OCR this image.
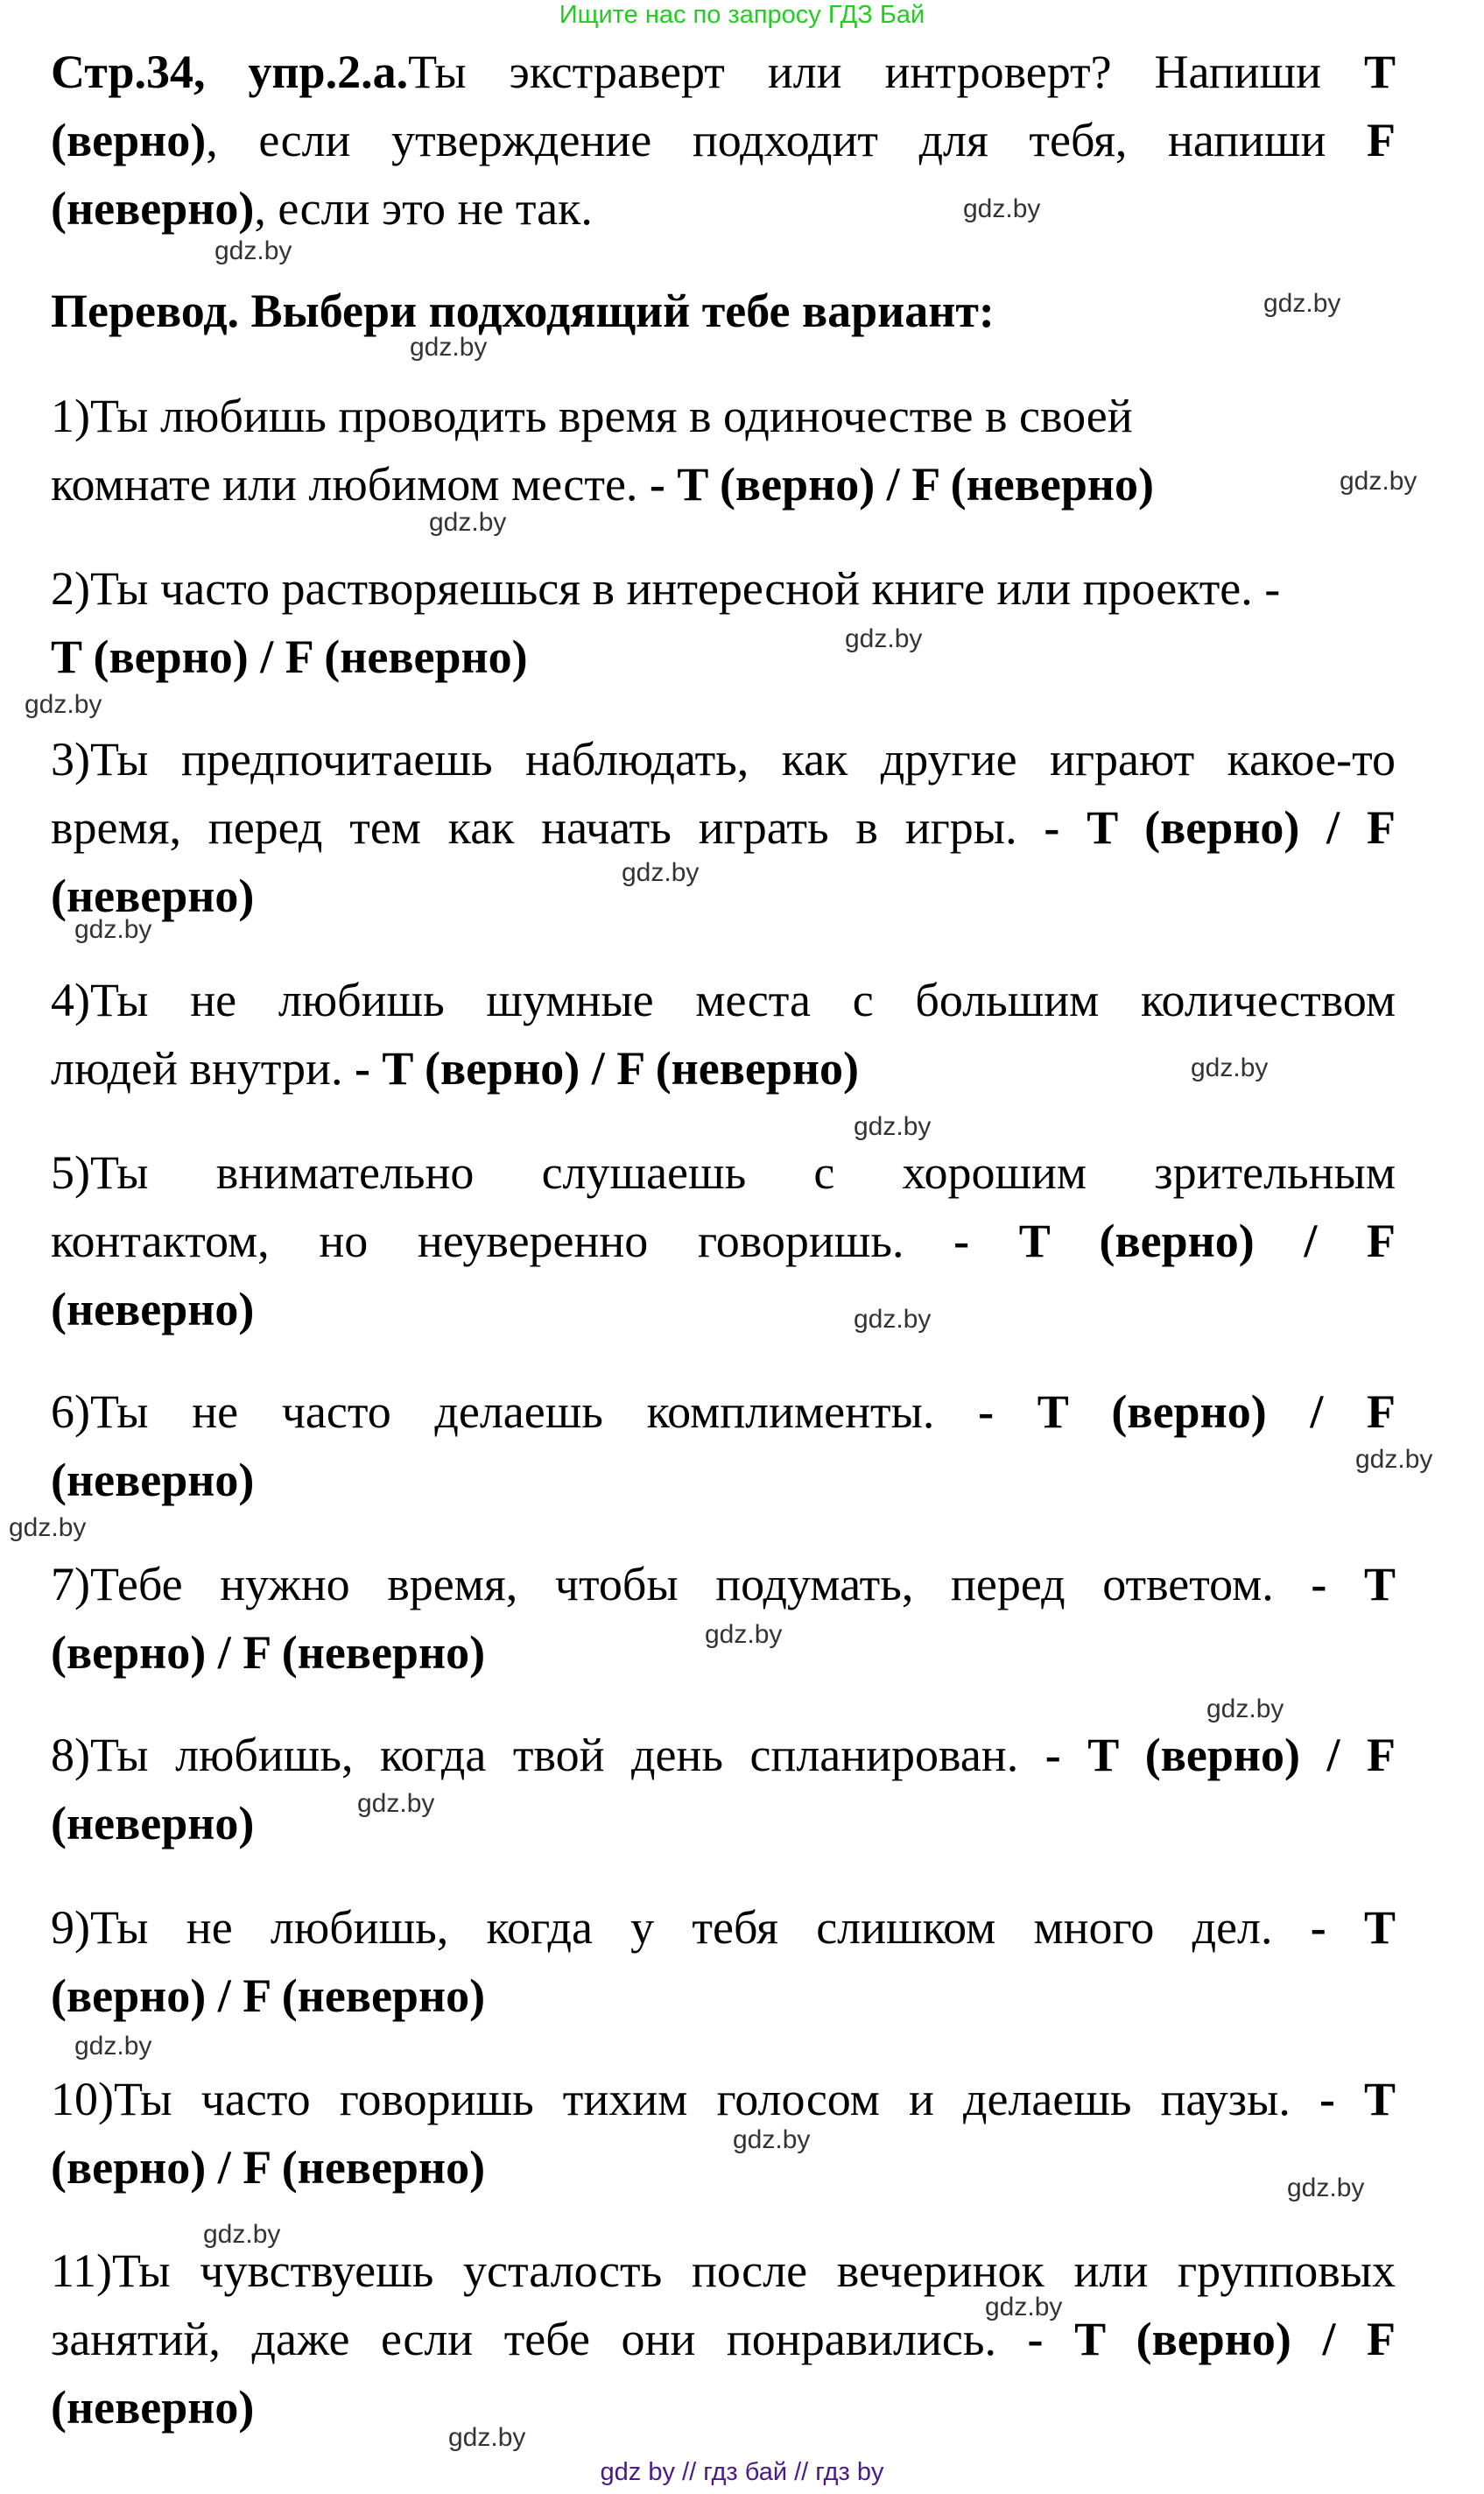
Ищите нас по запросу ГДЗ Бай
Стр.34, упр.2.а.Ты экстраверт или интроверт? Напиши T
(верно), если утверждение подходит для тебя, напиши F
(неверно), если это не так.
Перевод. Выбери подходящий тебе вариант:
1)Ты любишь проводить время в одиночестве в своей
комнате или любимом месте. - T (верно) / F (неверно)
2)Ты часто растворяешься в интересной книге или проекте. -
T (верно) / F (неверно)
3)Ты предпочитаешь наблюдать, как другие играют какое-то
время, перед тем как начать играть в игры. - T (верно) / F
(неверно)
4)Ты не любишь шумные места с большим количеством
людей внутри. - T (верно) / F (неверно)
5)Ты внимательно слушаешь с хорошим зрительным
контактом, но неуверенно говоришь. - T (верно) / F
(неверно)
6)Ты не часто делаешь комплименты. - T (верно) / F
(неверно)
7)Тебе нужно время, чтобы подумать, перед ответом. - T
(верно) / F (неверно)
8)Ты любишь, когда твой день спланирован. - T (верно) / F
(неверно)
9)Ты не любишь, когда у тебя слишком много дел. - T
(верно) / F (неверно)
10)Ты часто говоришь тихим голосом и делаешь паузы. - T
(верно) / F (неверно)
11)Ты чувствуешь усталость после вечеринок или групповых
занятий, даже если тебе они понравились. - T (верно) / F
(неверно)
gdz.by
gdz.by
gdz.by
gdz.by
gdz.by
gdz.by
gdz.by
gdz.by
gdz.by
gdz.by
gdz.by
gdz.by
gdz.by
gdz.by
gdz.by
gdz.by
gdz.by
gdz.by
gdz.by
gdz.by
gdz.by
gdz.by
gdz.by
gdz.by
gdz by // гдз бай // гдз by
